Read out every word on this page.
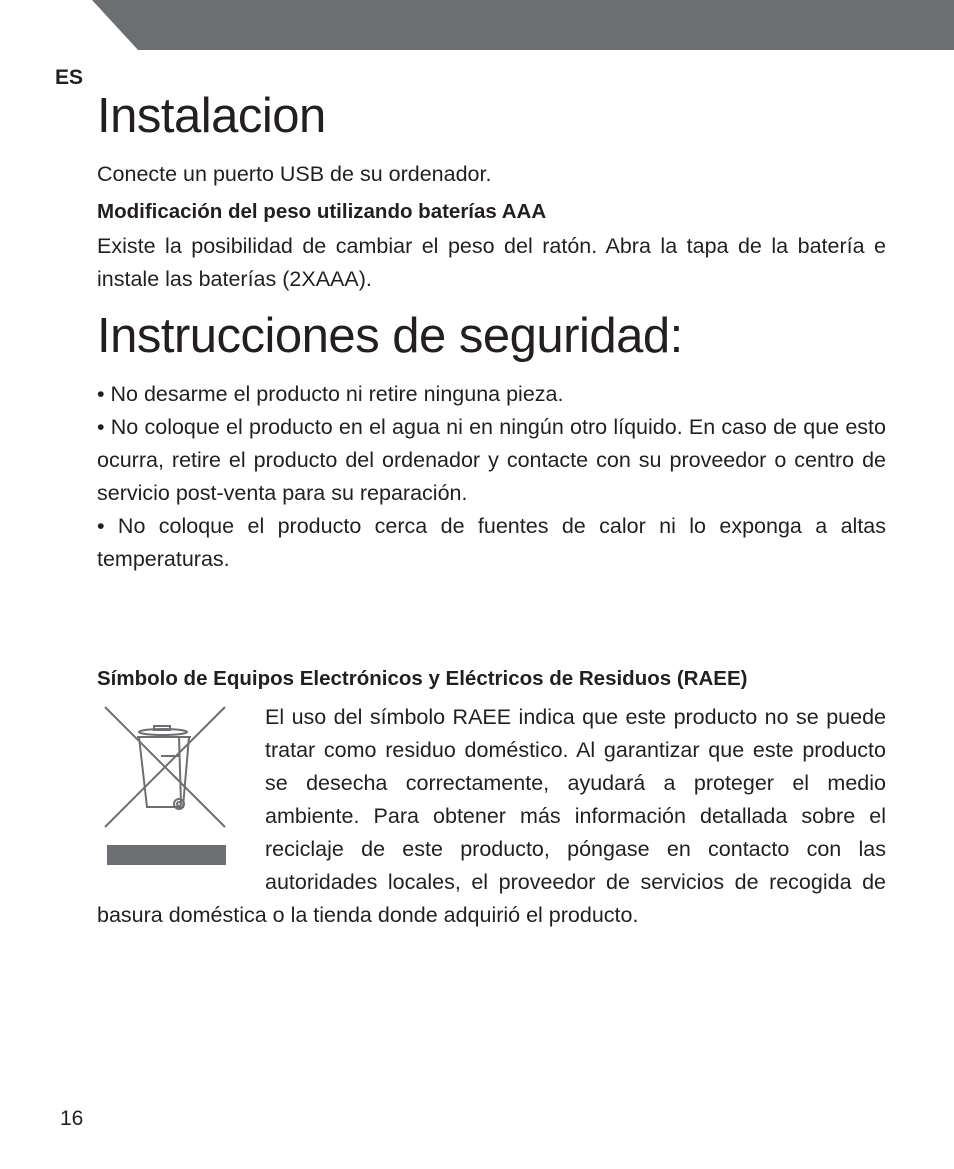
ES
Instalacion

Conecte un puerto USB de su ordenador.

Modificación del peso utilizando baterías AAA

Existe la posibilidad de cambiar el peso del ratón. Abra la tapa de la batería e instale las baterías (2XAAA).

Instrucciones de seguridad:

• No desarme el producto ni retire ninguna pieza.

• No coloque el producto en el agua ni en ningún otro líquido. En caso de que esto ocurra, retire el producto del ordenador y contacte con su proveedor o centro de servicio post-venta para su reparación.

• No coloque el producto cerca de fuentes de calor ni lo exponga a altas temperaturas.

Símbolo de Equipos Electrónicos y Eléctricos de Residuos (RAEE)

El uso del símbolo RAEE indica que este producto no se puede tratar como residuo doméstico. Al garantizar que este producto se desecha correctamente, ayudará a proteger el medio ambiente. Para obtener más información detallada sobre el reciclaje de este producto, póngase en contacto con las autoridades locales, el proveedor de servicios de recogida de basura doméstica o la tienda donde adquirió el producto.
16
